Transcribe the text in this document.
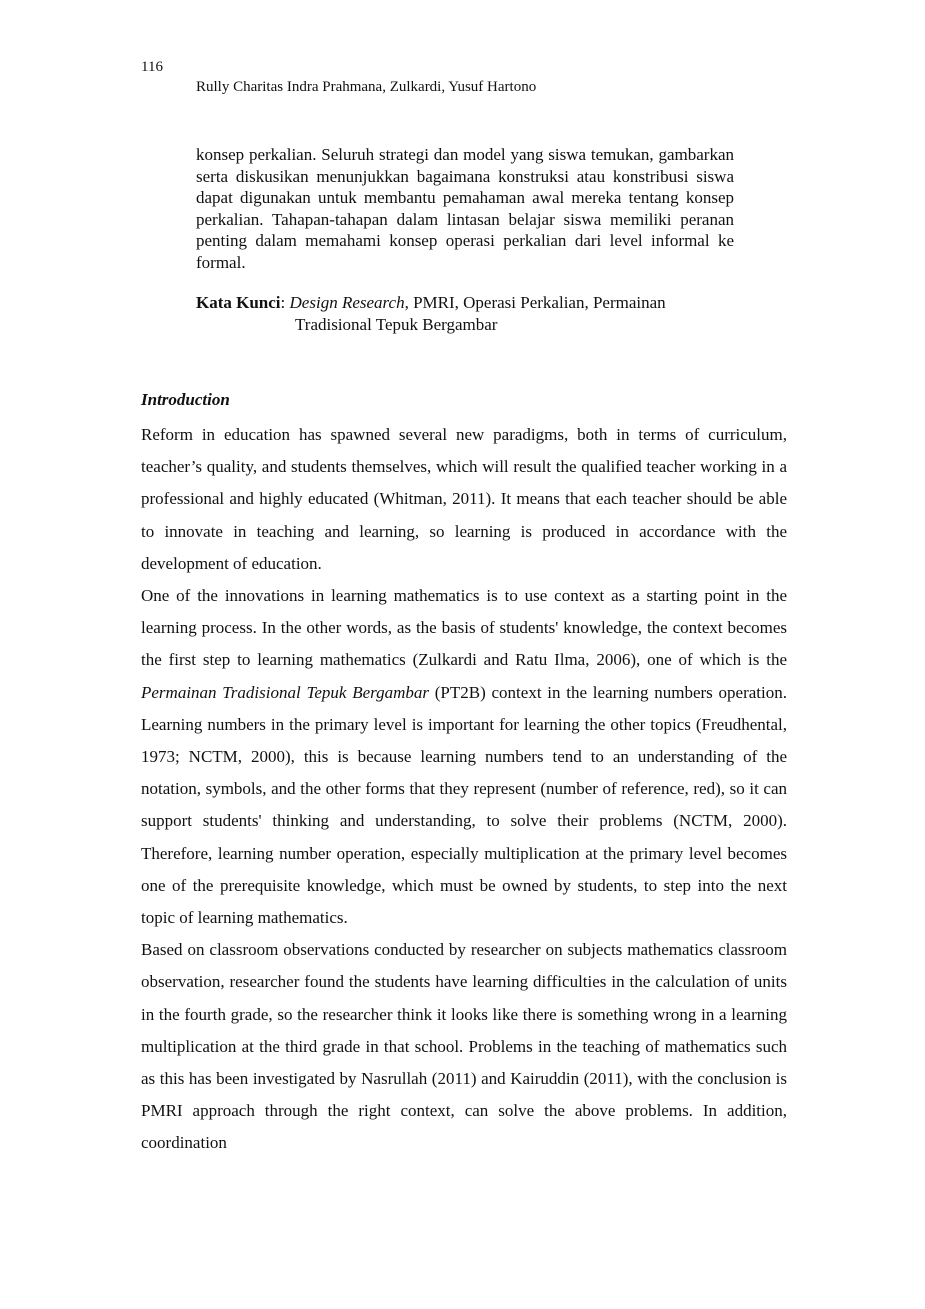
116
Rully Charitas Indra Prahmana, Zulkardi, Yusuf Hartono

konsep perkalian. Seluruh strategi dan model yang siswa temukan, gambarkan serta diskusikan menunjukkan bagaimana konstruksi atau konstribusi siswa dapat digunakan untuk membantu pemahaman awal mereka tentang konsep perkalian. Tahapan-tahapan dalam lintasan belajar siswa memiliki peranan penting dalam memahami konsep operasi perkalian dari level informal ke formal.

Kata Kunci: Design Research, PMRI, Operasi Perkalian, Permainan
Tradisional Tepuk Bergambar
Introduction

Reform in education has spawned several new paradigms, both in terms of curriculum, teacher’s quality, and students themselves, which will result the qualified teacher working in a professional and highly educated (Whitman, 2011). It means that each teacher should be able to innovate in teaching and learning, so learning is produced in accordance with the development of education.

One of the innovations in learning mathematics is to use context as a starting point in the learning process. In the other words, as the basis of students' knowledge, the context becomes the first step to learning mathematics (Zulkardi and Ratu Ilma, 2006), one of which is the Permainan Tradisional Tepuk Bergambar (PT2B) context in the learning numbers operation. Learning numbers in the primary level is important for learning the other topics (Freudhental, 1973; NCTM, 2000), this is because learning numbers tend to an understanding of the notation, symbols, and the other forms that they represent (number of reference, red), so it can support students' thinking and understanding, to solve their problems (NCTM, 2000). Therefore, learning number operation, especially multiplication at the primary level becomes one of the prerequisite knowledge, which must be owned by students, to step into the next topic of learning mathematics.

Based on classroom observations conducted by researcher on subjects mathematics classroom observation, researcher found the students have learning difficulties in the calculation of units in the fourth grade, so the researcher think it looks like there is something wrong in a learning multiplication at the third grade in that school. Problems in the teaching of mathematics such as this has been investigated by Nasrullah (2011) and Kairuddin (2011), with the conclusion is PMRI approach through the right context, can solve the above problems. In addition, coordination
